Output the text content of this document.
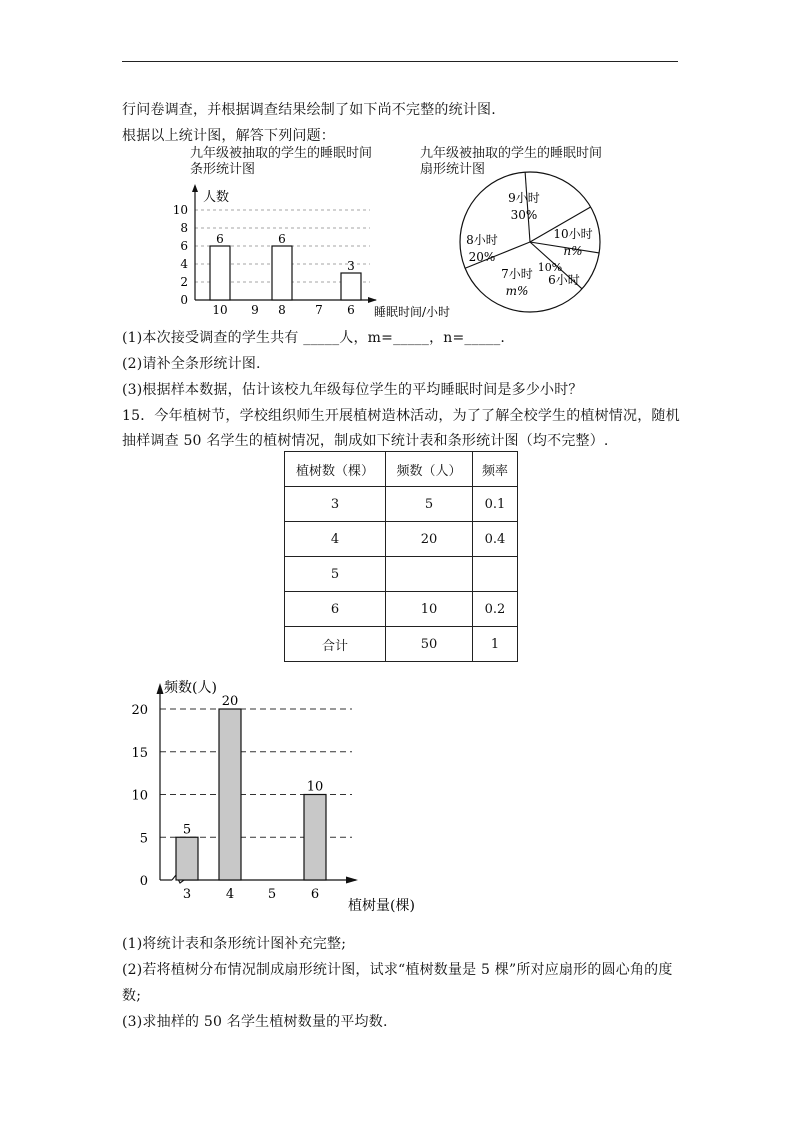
行问卷调查，并根据调查结果绘制了如下尚不完整的统计图.
根据以上统计图，解答下列问题：
九年级被抽取的学生的睡眠时间
条形统计图
九年级被抽取的学生的睡眠时间
扇形统计图
0
2
4
6
8
10
人数
睡眠时间/小时
6
10 9
6
8 7
3
6
9小时
30%
10小时
n%
10%
6小时
7小时
m%
8小时
20%
(1)本次接受调查的学生共有 _____人，m=_____，n=_____.
(2)请补全条形统计图.
(3)根据样本数据，估计该校九年级每位学生的平均睡眠时间是多少小时？
15．今年植树节，学校组织师生开展植树造林活动，为了了解全校学生的植树情况，随机
抽样调查 50 名学生的植树情况，制成如下统计表和条形统计图（均不完整）.
植树数（棵）	频数（人）	频率
3	5	0.1
4	20	0.4
5		
6	10	0.2
合计	50	1
0
5
10
15
20
频数(人)
植树量(棵)
5
3
20
4	5
10
6
(1)将统计表和条形统计图补充完整;
(2)若将植树分布情况制成扇形统计图，试求“植树数量是 5 棵”所对应扇形的圆心角的度
数;
(3)求抽样的 50 名学生植树数量的平均数.
